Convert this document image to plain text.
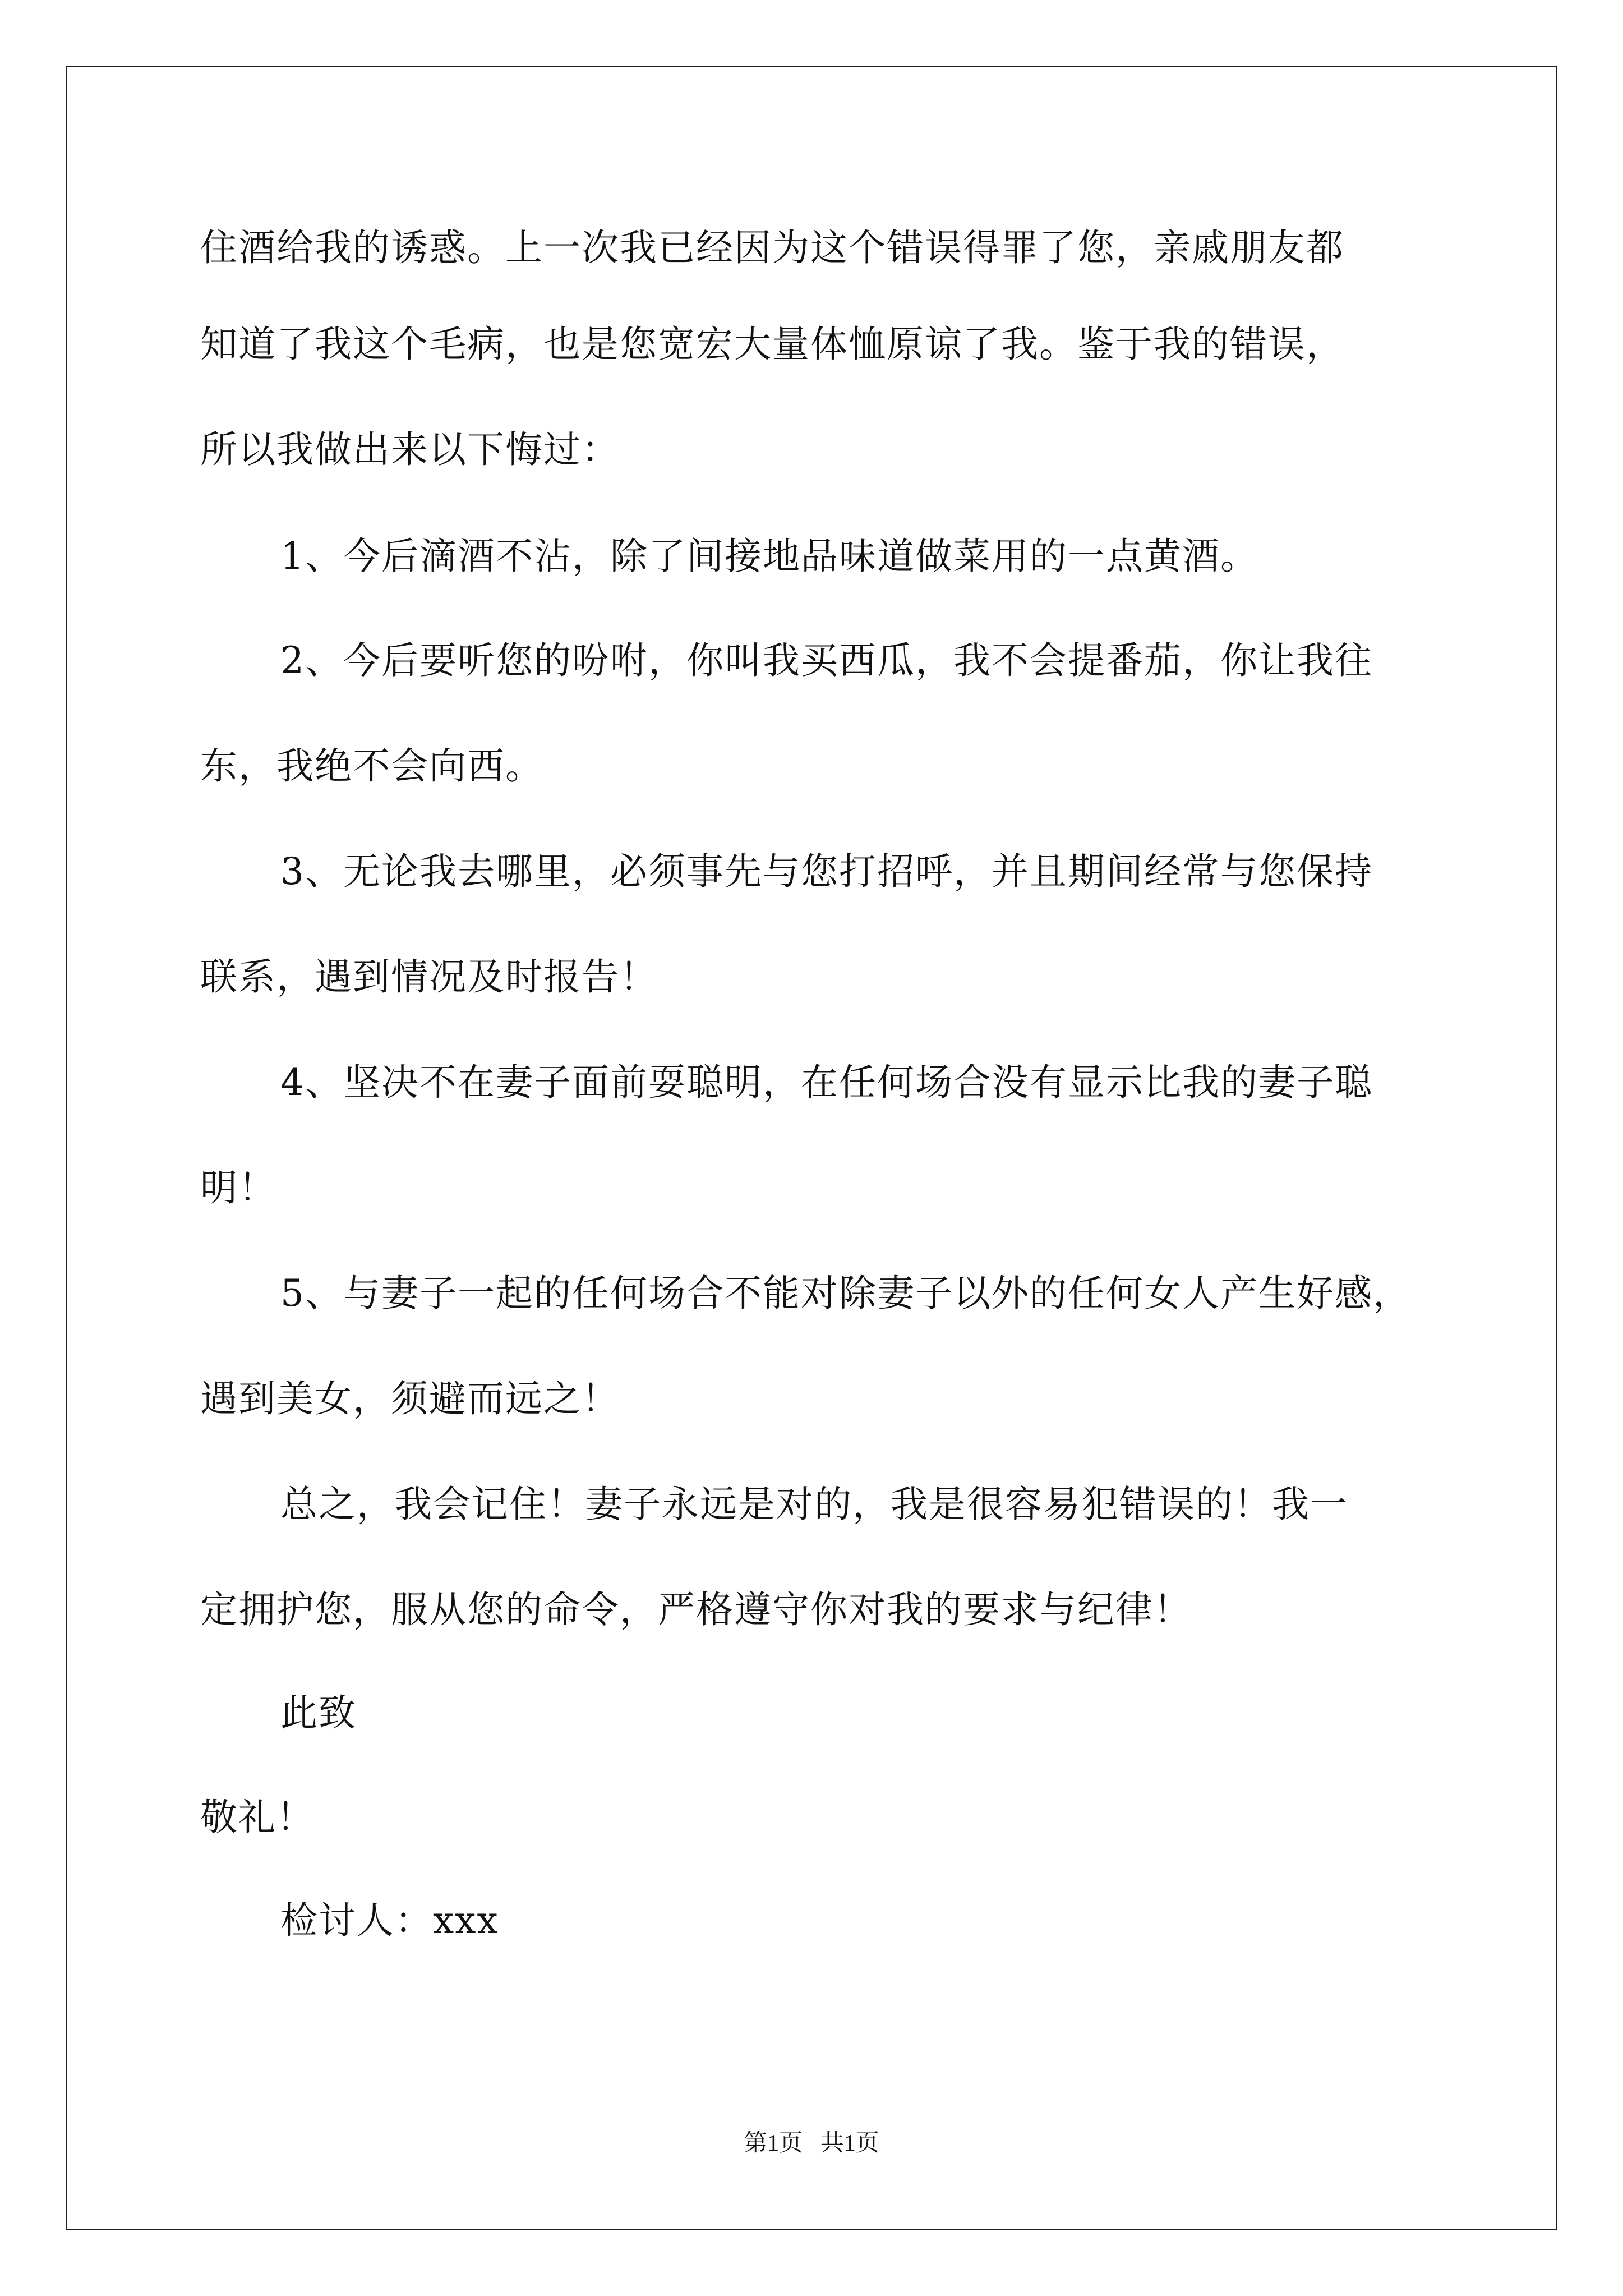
住酒给我的诱惑。上一次我已经因为这个错误得罪了您，亲戚朋友都
知道了我这个毛病，也是您宽宏大量体恤原谅了我。鉴于我的错误，
所以我做出来以下悔过：
1、今后滴酒不沾，除了间接地品味道做菜用的一点黄酒。
2、今后要听您的吩咐，你叫我买西瓜，我不会提番茄，你让我往
东，我绝不会向西。
3、无论我去哪里，必须事先与您打招呼，并且期间经常与您保持
联系，遇到情况及时报告！
4、坚决不在妻子面前耍聪明，在任何场合没有显示比我的妻子聪
明！
5、与妻子一起的任何场合不能对除妻子以外的任何女人产生好感，
遇到美女，须避而远之！
总之，我会记住！妻子永远是对的，我是很容易犯错误的！我一
定拥护您，服从您的命令，严格遵守你对我的要求与纪律！
此致
敬礼！
检讨人：xxx
第1页   共1页
